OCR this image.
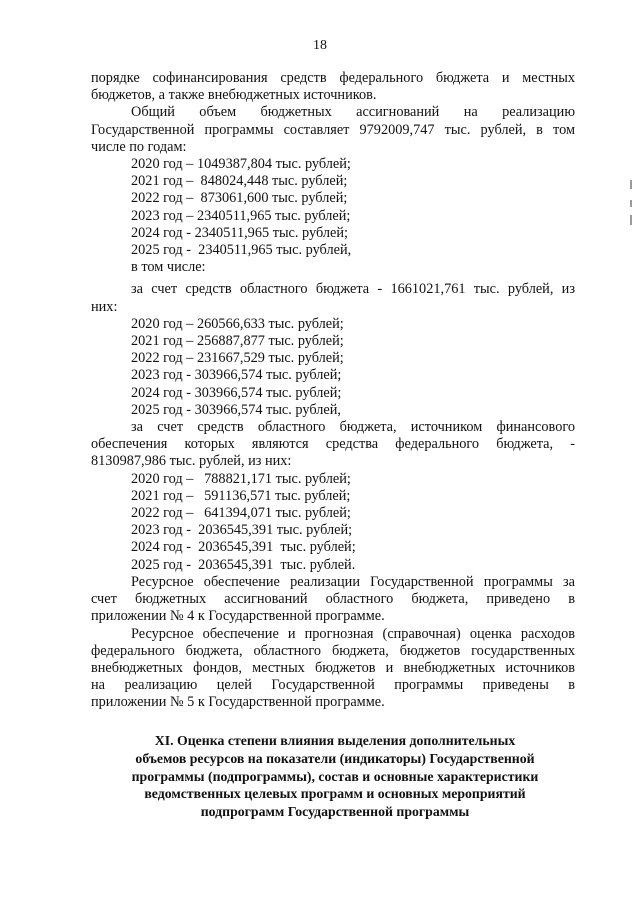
18

порядке софинансирования средств федерального бюджета и местных

бюджетов, а также внебюджетных источников.

Общий объем бюджетных ассигнований на реализацию

Государственной программы составляет 9792009,747 тыс. рублей, в том

числе по годам:

2020 год – 1049387,804 тыс. рублей;

2021 год –  848024,448 тыс. рублей;

2022 год –  873061,600 тыс. рублей;

2023 год – 2340511,965 тыс. рублей;

2024 год - 2340511,965 тыс. рублей;

2025 год -  2340511,965 тыс. рублей,

в том числе:

за счет средств областного бюджета - 1661021,761 тыс. рублей, из

них:

2020 год – 260566,633 тыс. рублей;

2021 год – 256887,877 тыс. рублей;

2022 год – 231667,529 тыс. рублей;

2023 год - 303966,574 тыс. рублей;

2024 год - 303966,574 тыс. рублей;

2025 год - 303966,574 тыс. рублей,

за счет средств областного бюджета, источником финансового

обеспечения которых являются средства федерального бюджета, -

8130987,986 тыс. рублей, из них:

2020 год –   788821,171 тыс. рублей;

2021 год –   591136,571 тыс. рублей;

2022 год –   641394,071 тыс. рублей;

2023 год -  2036545,391 тыс. рублей;

2024 год -  2036545,391  тыс. рублей;

2025 год -  2036545,391  тыс. рублей.

Ресурсное обеспечение реализации Государственной программы за

счет бюджетных ассигнований областного бюджета, приведено в

приложении № 4 к Государственной программе.

Ресурсное обеспечение и прогнозная (справочная) оценка расходов

федерального бюджета, областного бюджета, бюджетов государственных

внебюджетных фондов, местных бюджетов и внебюджетных источников

на реализацию целей Государственной программы приведены в

приложении № 5 к Государственной программе.

XI. Оценка степени влияния выделения дополнительных
объемов ресурсов на показатели (индикаторы) Государственной
программы (подпрограммы), состав и основные характеристики
ведомственных целевых программ и основных мероприятий
подпрограмм Государственной программы
